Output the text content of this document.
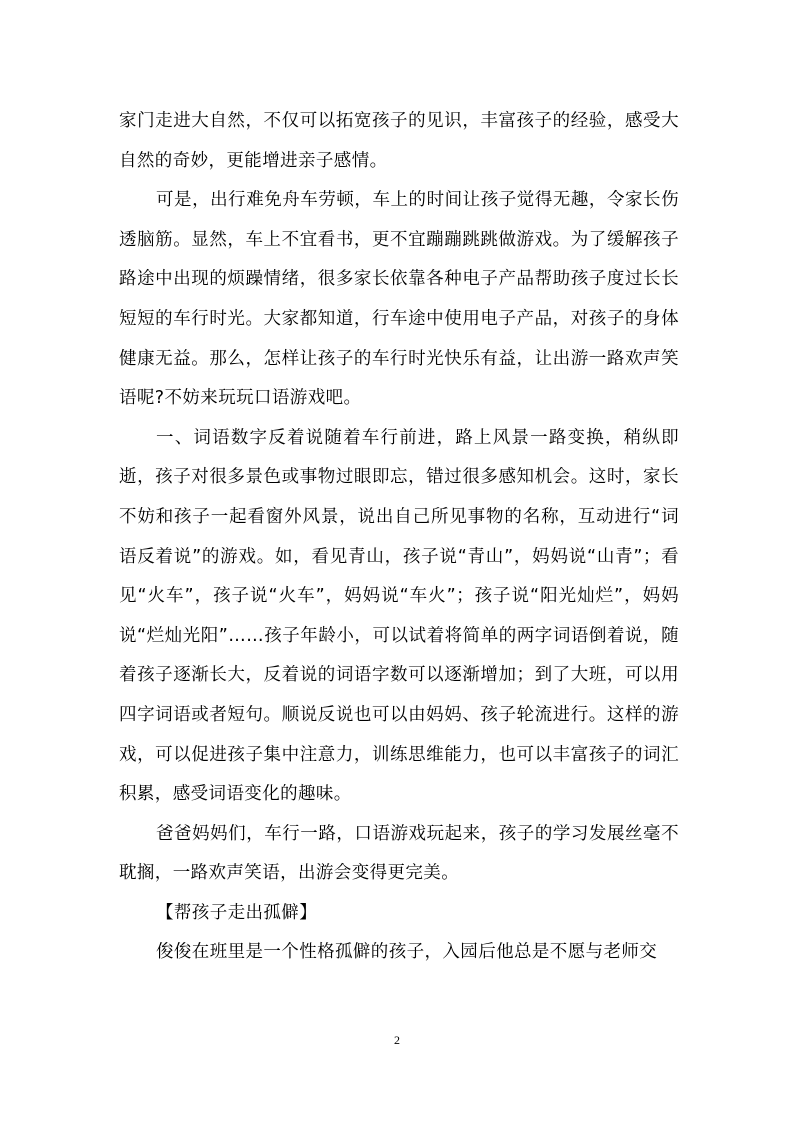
家门走进大自然，不仅可以拓宽孩子的见识，丰富孩子的经验，感受大自然的奇妙，更能增进亲子感情。

可是，出行难免舟车劳顿，车上的时间让孩子觉得无趣，令家长伤透脑筋。显然，车上不宜看书，更不宜蹦蹦跳跳做游戏。为了缓解孩子路途中出现的烦躁情绪，很多家长依靠各种电子产品帮助孩子度过长长短短的车行时光。大家都知道，行车途中使用电子产品，对孩子的身体健康无益。那么，怎样让孩子的车行时光快乐有益，让出游一路欢声笑语呢?不妨来玩玩口语游戏吧。

一、词语数字反着说随着车行前进，路上风景一路变换，稍纵即逝，孩子对很多景色或事物过眼即忘，错过很多感知机会。这时，家长不妨和孩子一起看窗外风景，说出自己所见事物的名称，互动进行“词语反着说”的游戏。如，看见青山，孩子说“青山”，妈妈说“山青”；看见“火车”，孩子说“火车”，妈妈说“车火”；孩子说“阳光灿烂”，妈妈说“烂灿光阳”……孩子年龄小，可以试着将简单的两字词语倒着说，随着孩子逐渐长大，反着说的词语字数可以逐渐增加；到了大班，可以用四字词语或者短句。顺说反说也可以由妈妈、孩子轮流进行。这样的游戏，可以促进孩子集中注意力，训练思维能力，也可以丰富孩子的词汇积累，感受词语变化的趣味。

爸爸妈妈们，车行一路，口语游戏玩起来，孩子的学习发展丝毫不耽搁，一路欢声笑语，出游会变得更完美。

【帮孩子走出孤僻】

俊俊在班里是一个性格孤僻的孩子，入园后他总是不愿与老师交

2
